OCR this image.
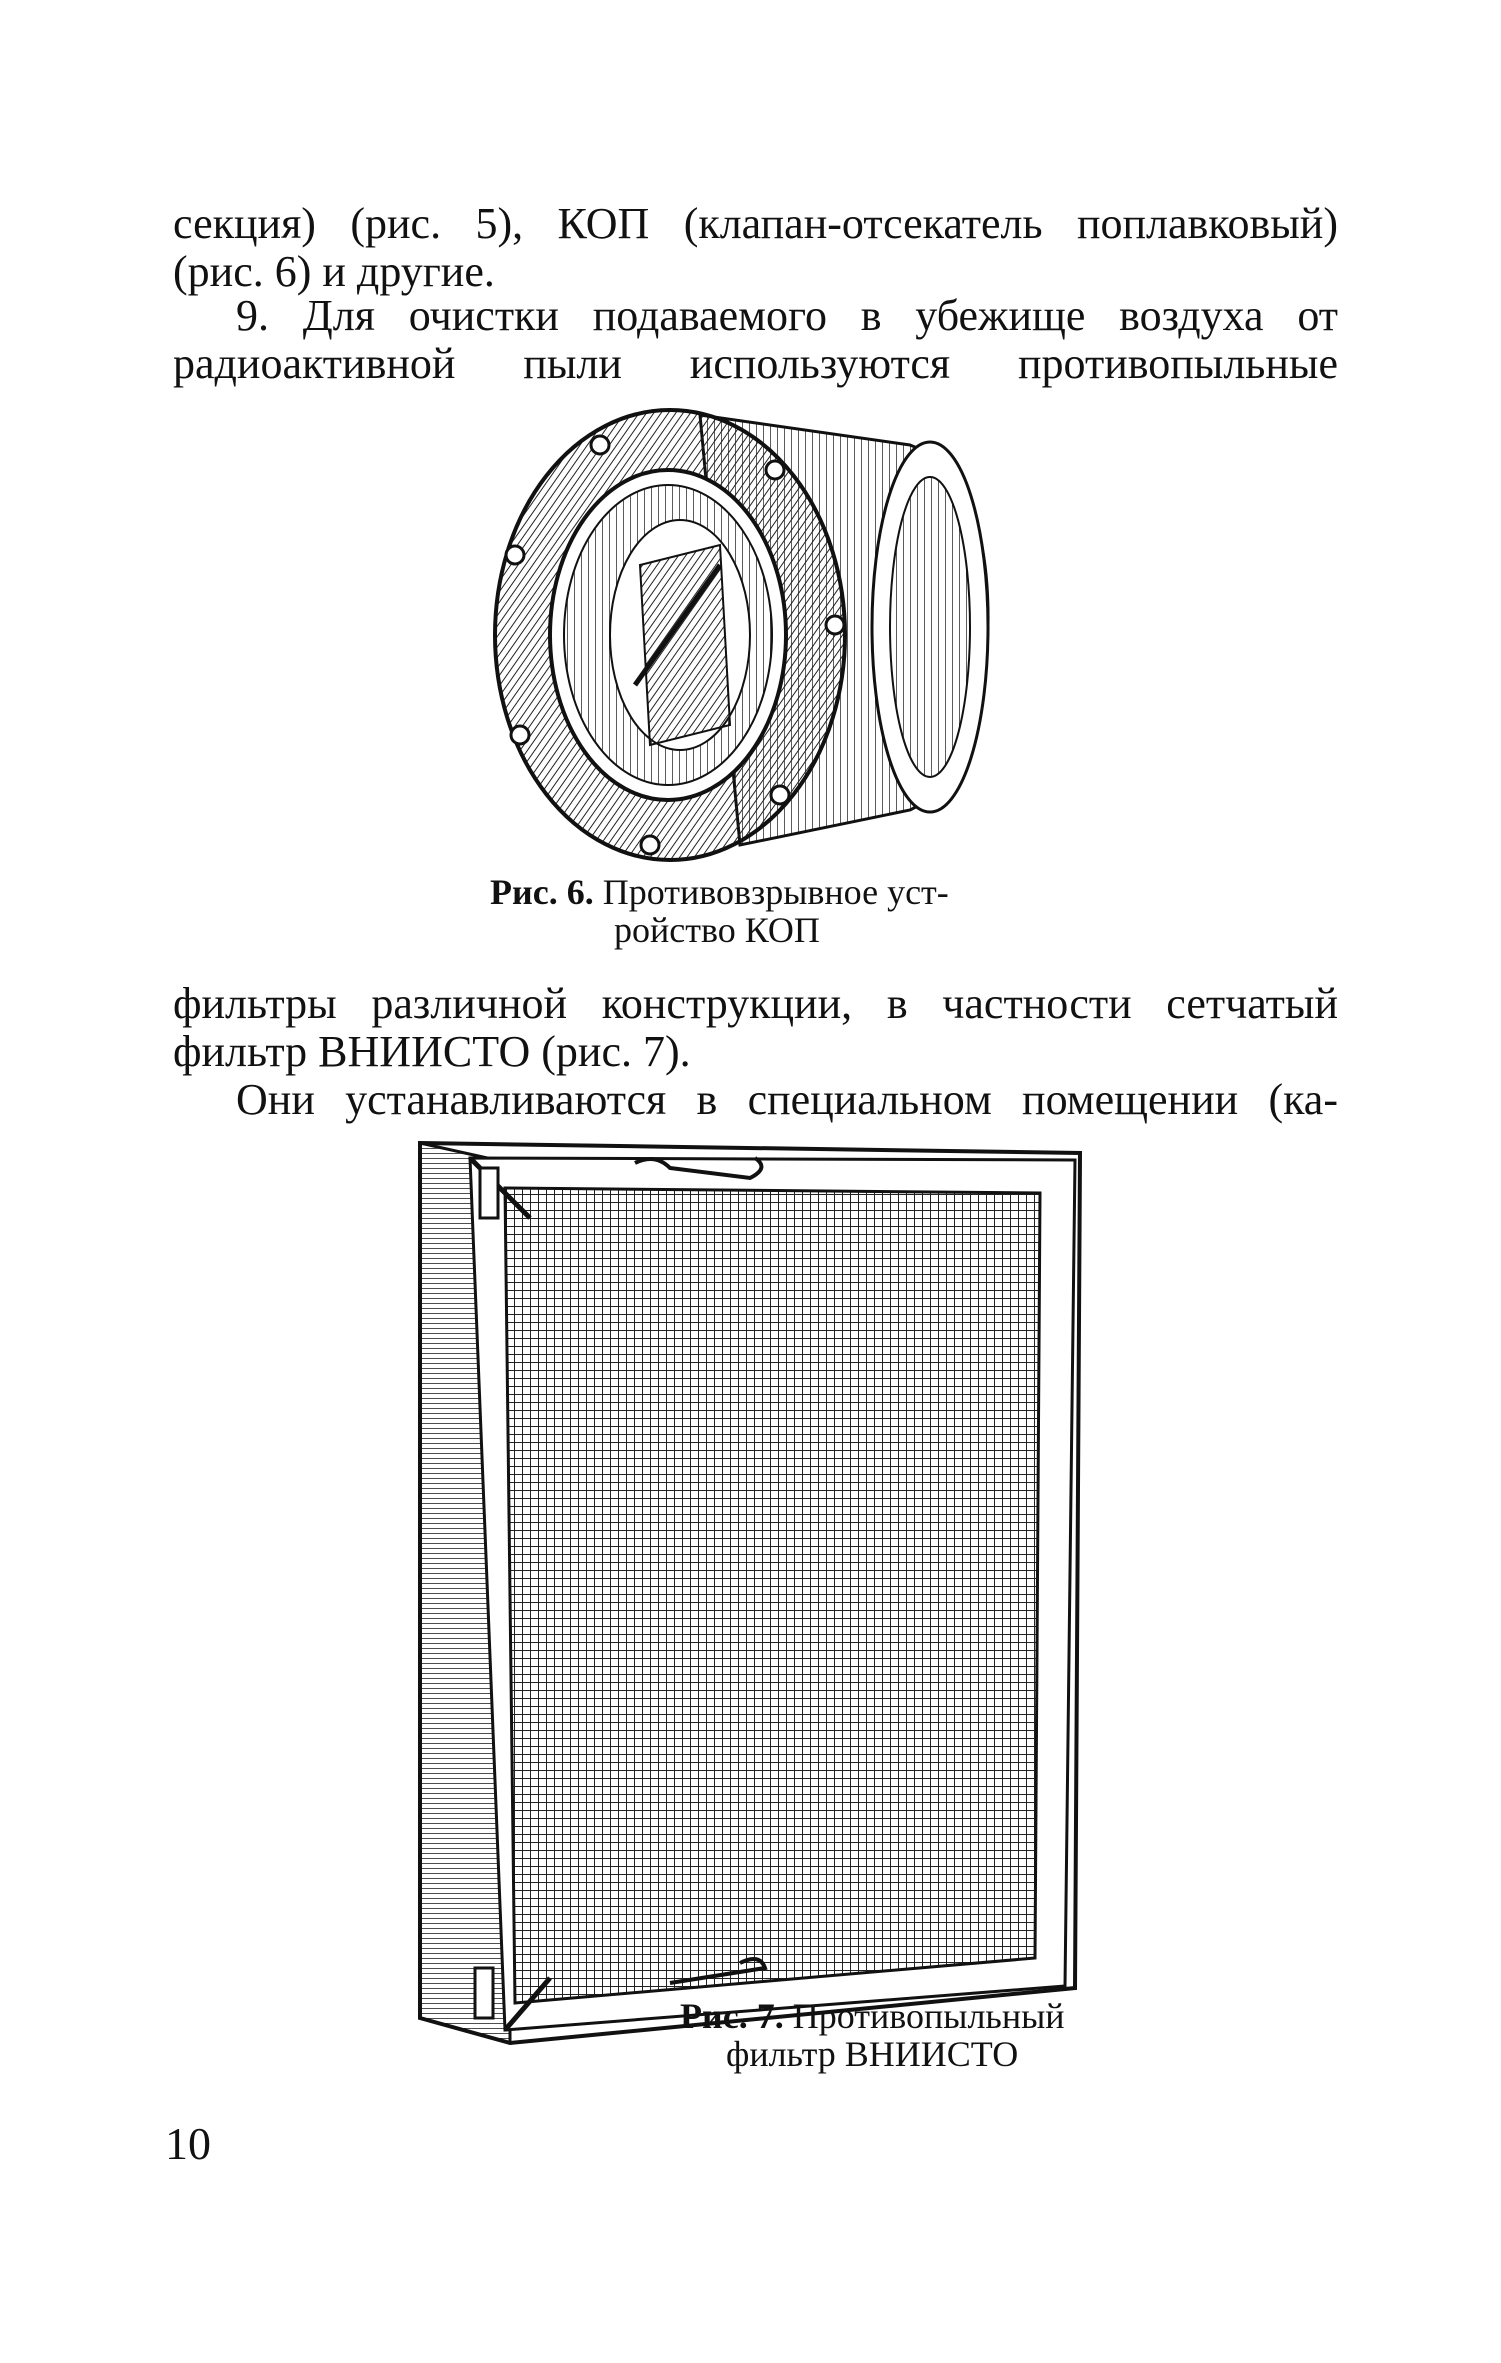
секция) (рис. 5), КОП (клапан-отсекатель поплавковый)
(рис. 6) и другие.
9. Для очистки подаваемого в убежище воздуха от
радиоактивной пыли используются противопыльные
Рис. 6. Противовзрывное уст-
ройство КОП
фильтры различной конструкции, в частности сетчатый
фильтр ВНИИСТО (рис. 7).
Они устанавливаются в специальном помещении (ка-
Рис. 7. Противопыльный
фильтр ВНИИСТО
10
